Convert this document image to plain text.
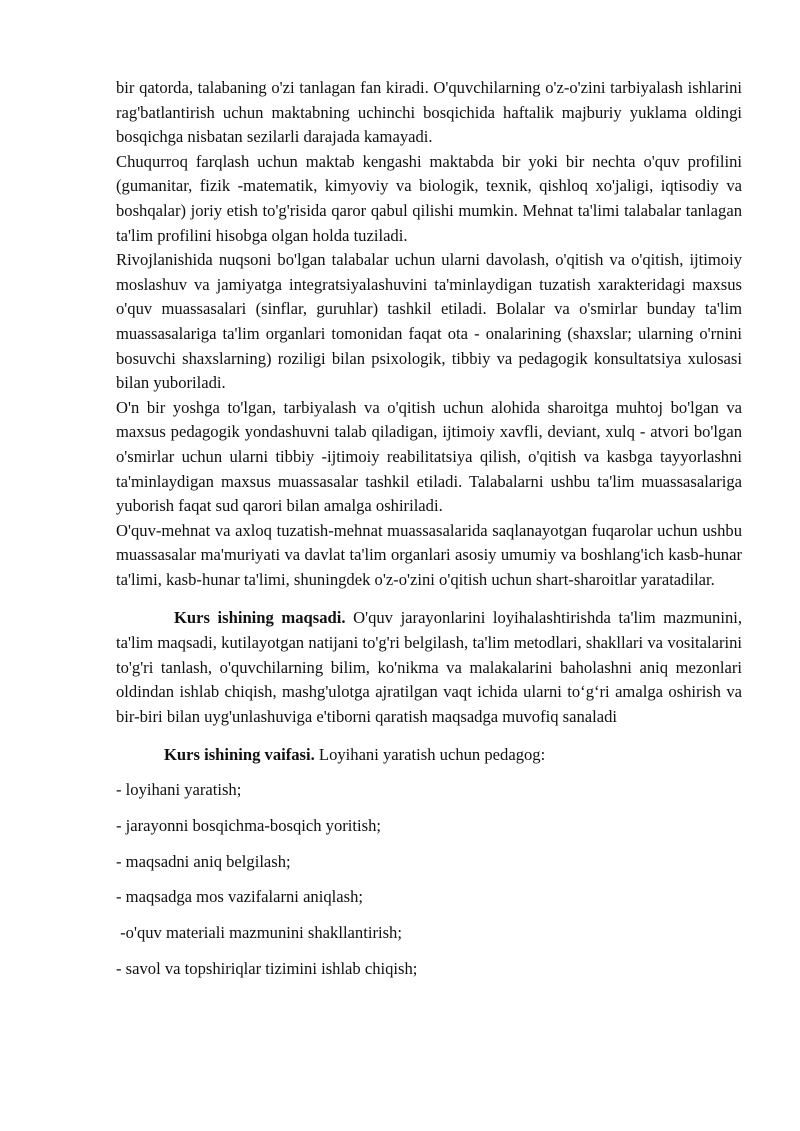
bir qatorda, talabaning o'zi tanlagan fan kiradi. O'quvchilarning o'z-o'zini tarbiyalash ishlarini rag'batlantirish uchun maktabning uchinchi bosqichida haftalik majburiy yuklama oldingi bosqichga nisbatan sezilarli darajada kamayadi.

Chuqurroq farqlash uchun maktab kengashi maktabda bir yoki bir nechta o'quv profilini (gumanitar, fizik -matematik, kimyoviy va biologik, texnik, qishloq xo'jaligi, iqtisodiy va boshqalar) joriy etish to'g'risida qaror qabul qilishi mumkin. Mehnat ta'limi talabalar tanlagan ta'lim profilini hisobga olgan holda tuziladi.

Rivojlanishida nuqsoni bo'lgan talabalar uchun ularni davolash, o'qitish va o'qitish, ijtimoiy moslashuv va jamiyatga integratsiyalashuvini ta'minlaydigan tuzatish xarakteridagi maxsus o'quv muassasalari (sinflar, guruhlar) tashkil etiladi. Bolalar va o'smirlar bunday ta'lim muassasalariga ta'lim organlari tomonidan faqat ota - onalarining (shaxslar; ularning o'rnini bosuvchi shaxslarning) roziligi bilan psixologik, tibbiy va pedagogik konsultatsiya xulosasi bilan yuboriladi.

O'n bir yoshga to'lgan, tarbiyalash va o'qitish uchun alohida sharoitga muhtoj bo'lgan va maxsus pedagogik yondashuvni talab qiladigan, ijtimoiy xavfli, deviant, xulq - atvori bo'lgan o'smirlar uchun ularni tibbiy -ijtimoiy reabilitatsiya qilish, o'qitish va kasbga tayyorlashni ta'minlaydigan maxsus muassasalar tashkil etiladi. Talabalarni ushbu ta'lim muassasalariga yuborish faqat sud qarori bilan amalga oshiriladi.

O'quv-mehnat va axloq tuzatish-mehnat muassasalarida saqlanayotgan fuqarolar uchun ushbu muassasalar ma'muriyati va davlat ta'lim organlari asosiy umumiy va boshlang'ich kasb-hunar ta'limi, kasb-hunar ta'limi, shuningdek o'z-o'zini o'qitish uchun shart-sharoitlar yaratadilar.

Kurs ishining maqsadi. O'quv jarayonlarini loyihalashtirishda ta'lim mazmunini, ta'lim maqsadi, kutilayotgan natijani to'g'ri belgilash, ta'lim metodlari, shakllari va vositalarini to'g'ri tanlash, o'quvchilarning bilim, ko'nikma va malakalarini baholashni aniq mezonlari oldindan ishlab chiqish, mashg'ulotga ajratilgan vaqt ichida ularni to‘g‘ri amalga oshirish va bir-biri bilan uyg'unlashuviga e'tiborni qaratish maqsadga muvofiq sanaladi

Kurs ishining vaifasi. Loyihani yaratish uchun pedagog:

- loyihani yaratish;

- jarayonni bosqichma-bosqich yoritish;

- maqsadni aniq belgilash;

- maqsadga mos vazifalarni aniqlash;

-o'quv materiali mazmunini shakllantirish;

- savol va topshiriqlar tizimini ishlab chiqish;
